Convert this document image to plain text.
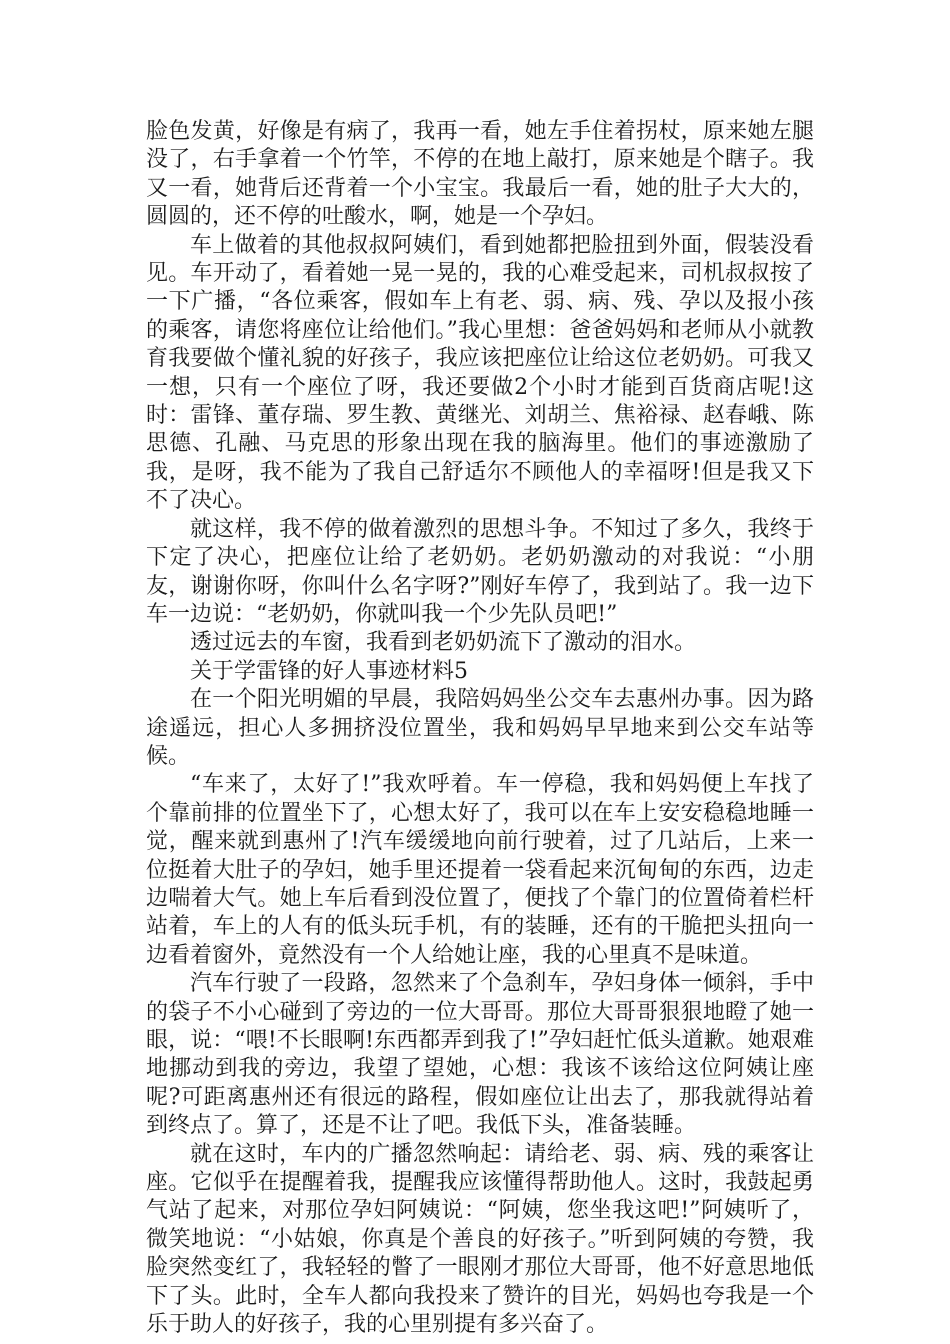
脸色发黄，好像是有病了，我再一看，她左手住着拐杖，原来她左腿没了，右手拿着一个竹竿，不停的在地上敲打，原来她是个瞎子。我又一看，她背后还背着一个小宝宝。我最后一看，她的肚子大大的，圆圆的，还不停的吐酸水，啊，她是一个孕妇。

车上做着的其他叔叔阿姨们，看到她都把脸扭到外面，假装没看见。车开动了，看着她一晃一晃的，我的心难受起来，司机叔叔按了一下广播，“各位乘客，假如车上有老、弱、病、残、孕以及报小孩的乘客，请您将座位让给他们。”我心里想：爸爸妈妈和老师从小就教育我要做个懂礼貌的好孩子，我应该把座位让给这位老奶奶。可我又一想，只有一个座位了呀，我还要做2个小时才能到百货商店呢!这时：雷锋、董存瑞、罗生教、黄继光、刘胡兰、焦裕禄、赵春峨、陈思德、孔融、马克思的形象出现在我的脑海里。他们的事迹激励了我，是呀，我不能为了我自己舒适尔不顾他人的幸福呀!但是我又下不了决心。

就这样，我不停的做着激烈的思想斗争。不知过了多久，我终于下定了决心，把座位让给了老奶奶。老奶奶激动的对我说：“小朋友，谢谢你呀，你叫什么名字呀?”刚好车停了，我到站了。我一边下车一边说：“老奶奶，你就叫我一个少先队员吧!”

透过远去的车窗，我看到老奶奶流下了激动的泪水。

关于学雷锋的好人事迹材料5

在一个阳光明媚的早晨，我陪妈妈坐公交车去惠州办事。因为路途遥远，担心人多拥挤没位置坐，我和妈妈早早地来到公交车站等候。

“车来了，太好了!”我欢呼着。车一停稳，我和妈妈便上车找了个靠前排的位置坐下了，心想太好了，我可以在车上安安稳稳地睡一觉，醒来就到惠州了!汽车缓缓地向前行驶着，过了几站后，上来一位挺着大肚子的孕妇，她手里还提着一袋看起来沉甸甸的东西，边走边喘着大气。她上车后看到没位置了，便找了个靠门的位置倚着栏杆站着，车上的人有的低头玩手机，有的装睡，还有的干脆把头扭向一边看着窗外，竟然没有一个人给她让座，我的心里真不是味道。

汽车行驶了一段路，忽然来了个急刹车，孕妇身体一倾斜，手中的袋子不小心碰到了旁边的一位大哥哥。那位大哥哥狠狠地瞪了她一眼，说：“喂!不长眼啊!东西都弄到我了!”孕妇赶忙低头道歉。她艰难地挪动到我的旁边，我望了望她，心想：我该不该给这位阿姨让座呢?可距离惠州还有很远的路程，假如座位让出去了，那我就得站着到终点了。算了，还是不让了吧。我低下头，准备装睡。

就在这时，车内的广播忽然响起：请给老、弱、病、残的乘客让座。它似乎在提醒着我，提醒我应该懂得帮助他人。这时，我鼓起勇气站了起来，对那位孕妇阿姨说：“阿姨，您坐我这吧!”阿姨听了，微笑地说：“小姑娘，你真是个善良的好孩子。”听到阿姨的夸赞，我脸突然变红了，我轻轻的瞥了一眼刚才那位大哥哥，他不好意思地低下了头。此时，全车人都向我投来了赞许的目光，妈妈也夸我是一个乐于助人的好孩子，我的心里别提有多兴奋了。
